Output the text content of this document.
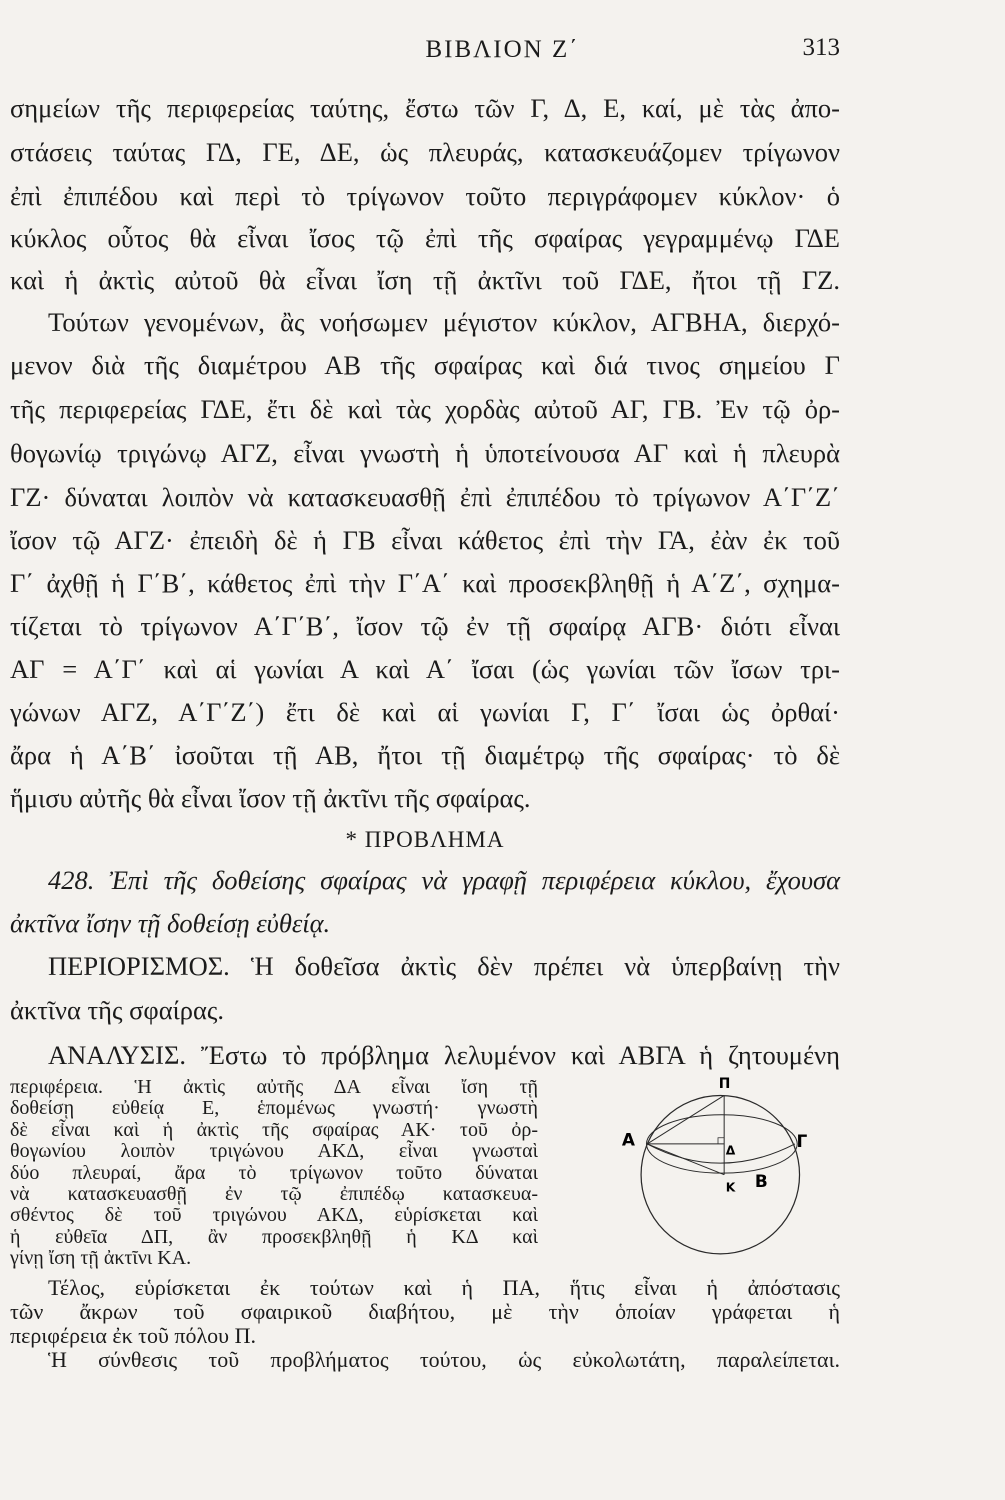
ΒΙΒΛΙΟΝ Ζ΄	313
σημείων τῆς περιφερείας ταύτης, ἔστω τῶν Γ, Δ, Ε, καί, μὲ τὰς ἀπο-
στάσεις ταύτας ΓΔ, ΓΕ, ΔΕ, ὡς πλευράς, κατασκευάζομεν τρίγωνον
ἐπὶ ἐπιπέδου καὶ περὶ τὸ τρίγωνον τοῦτο περιγράφομεν κύκλον· ὁ
κύκλος οὗτος θὰ εἶναι ἴσος τῷ ἐπὶ τῆς σφαίρας γεγραμμένῳ ΓΔΕ
καὶ ἡ ἀκτὶς αὐτοῦ θὰ εἶναι ἴση τῇ ἀκτῖνι τοῦ ΓΔΕ, ἤτοι τῇ ΓΖ.
Τούτων γενομένων, ἂς νοήσωμεν μέγιστον κύκλον, ΑΓΒΗΑ, διερχό-
μενον διὰ τῆς διαμέτρου ΑΒ τῆς σφαίρας καὶ διά τινος σημείου Γ
τῆς περιφερείας ΓΔΕ, ἔτι δὲ καὶ τὰς χορδὰς αὐτοῦ ΑΓ, ΓΒ. Ἐν τῷ ὀρ-
θογωνίῳ τριγώνῳ ΑΓΖ, εἶναι γνωστὴ ἡ ὑποτείνουσα ΑΓ καὶ ἡ πλευρὰ
ΓΖ· δύναται λοιπὸν νὰ κατασκευασθῇ ἐπὶ ἐπιπέδου τὸ τρίγωνον Α΄Γ΄Ζ΄
ἴσον τῷ ΑΓΖ· ἐπειδὴ δὲ ἡ ΓΒ εἶναι κάθετος ἐπὶ τὴν ΓΑ, ἐὰν ἐκ τοῦ
Γ΄ ἀχθῇ ἡ Γ΄Β΄, κάθετος ἐπὶ τὴν Γ΄Α΄ καὶ προσεκβληθῇ ἡ Α΄Ζ΄, σχημα-
τίζεται τὸ τρίγωνον Α΄Γ΄Β΄, ἴσον τῷ ἐν τῇ σφαίρᾳ ΑΓΒ· διότι εἶναι
ΑΓ = Α΄Γ΄ καὶ αἱ γωνίαι Α καὶ Α΄ ἴσαι (ὡς γωνίαι τῶν ἴσων τρι-
γώνων ΑΓΖ, Α΄Γ΄Ζ΄) ἔτι δὲ καὶ αἱ γωνίαι Γ, Γ΄ ἴσαι ὡς ὀρθαί·
ἄρα ἡ Α΄Β΄ ἰσοῦται τῇ ΑΒ, ἤτοι τῇ διαμέτρῳ τῆς σφαίρας· τὸ δὲ
ἥμισυ αὐτῆς θὰ εἶναι ἴσον τῇ ἀκτῖνι τῆς σφαίρας.
* ΠΡΟΒΛΗΜΑ
428. Ἐπὶ τῆς δοθείσης σφαίρας νὰ γραφῇ περιφέρεια κύκλου, ἔχουσα
ἀκτῖνα ἴσην τῇ δοθείσῃ εὐθείᾳ.
ΠΕΡΙΟΡΙΣΜΟΣ. Ἡ δοθεῖσα ἀκτὶς δὲν πρέπει νὰ ὑπερβαίνῃ τὴν
ἀκτῖνα τῆς σφαίρας.
ΑΝΑΛΥΣΙΣ. Ἔστω τὸ πρόβλημα λελυμένον καὶ ΑΒΓΑ ἡ ζητουμένη
περιφέρεια. Ἡ ἀκτὶς αὐτῆς ΔΑ εἶναι ἴση τῇ
δοθείσῃ εὐθείᾳ Ε, ἑπομένως γνωστή· γνωστὴ
δὲ εἶναι καὶ ἡ ἀκτὶς τῆς σφαίρας ΑΚ· τοῦ ὀρ-
θογωνίου λοιπὸν τριγώνου ΑΚΔ, εἶναι γνωσταὶ
δύο πλευραί, ἄρα τὸ τρίγωνον τοῦτο δύναται
νὰ κατασκευασθῇ ἐν τῷ ἐπιπέδῳ κατασκευα-
σθέντος δὲ τοῦ τριγώνου ΑΚΔ, εὑρίσκεται καὶ
ἡ εὐθεῖα ΔΠ, ἂν προσεκβληθῇ ἡ ΚΔ καὶ
γίνῃ ἴση τῇ ἀκτῖνι ΚΑ.
Π
Α	Γ
Δ
Κ Β
Τέλος, εὑρίσκεται ἐκ τούτων καὶ ἡ ΠΑ, ἥτις εἶναι ἡ ἀπόστασις
τῶν ἄκρων τοῦ σφαιρικοῦ διαβήτου, μὲ τὴν ὁποίαν γράφεται ἡ
περιφέρεια ἐκ τοῦ πόλου Π.
Ἡ σύνθεσις τοῦ προβλήματος τούτου, ὡς εὐκολωτάτη, παραλείπεται.
